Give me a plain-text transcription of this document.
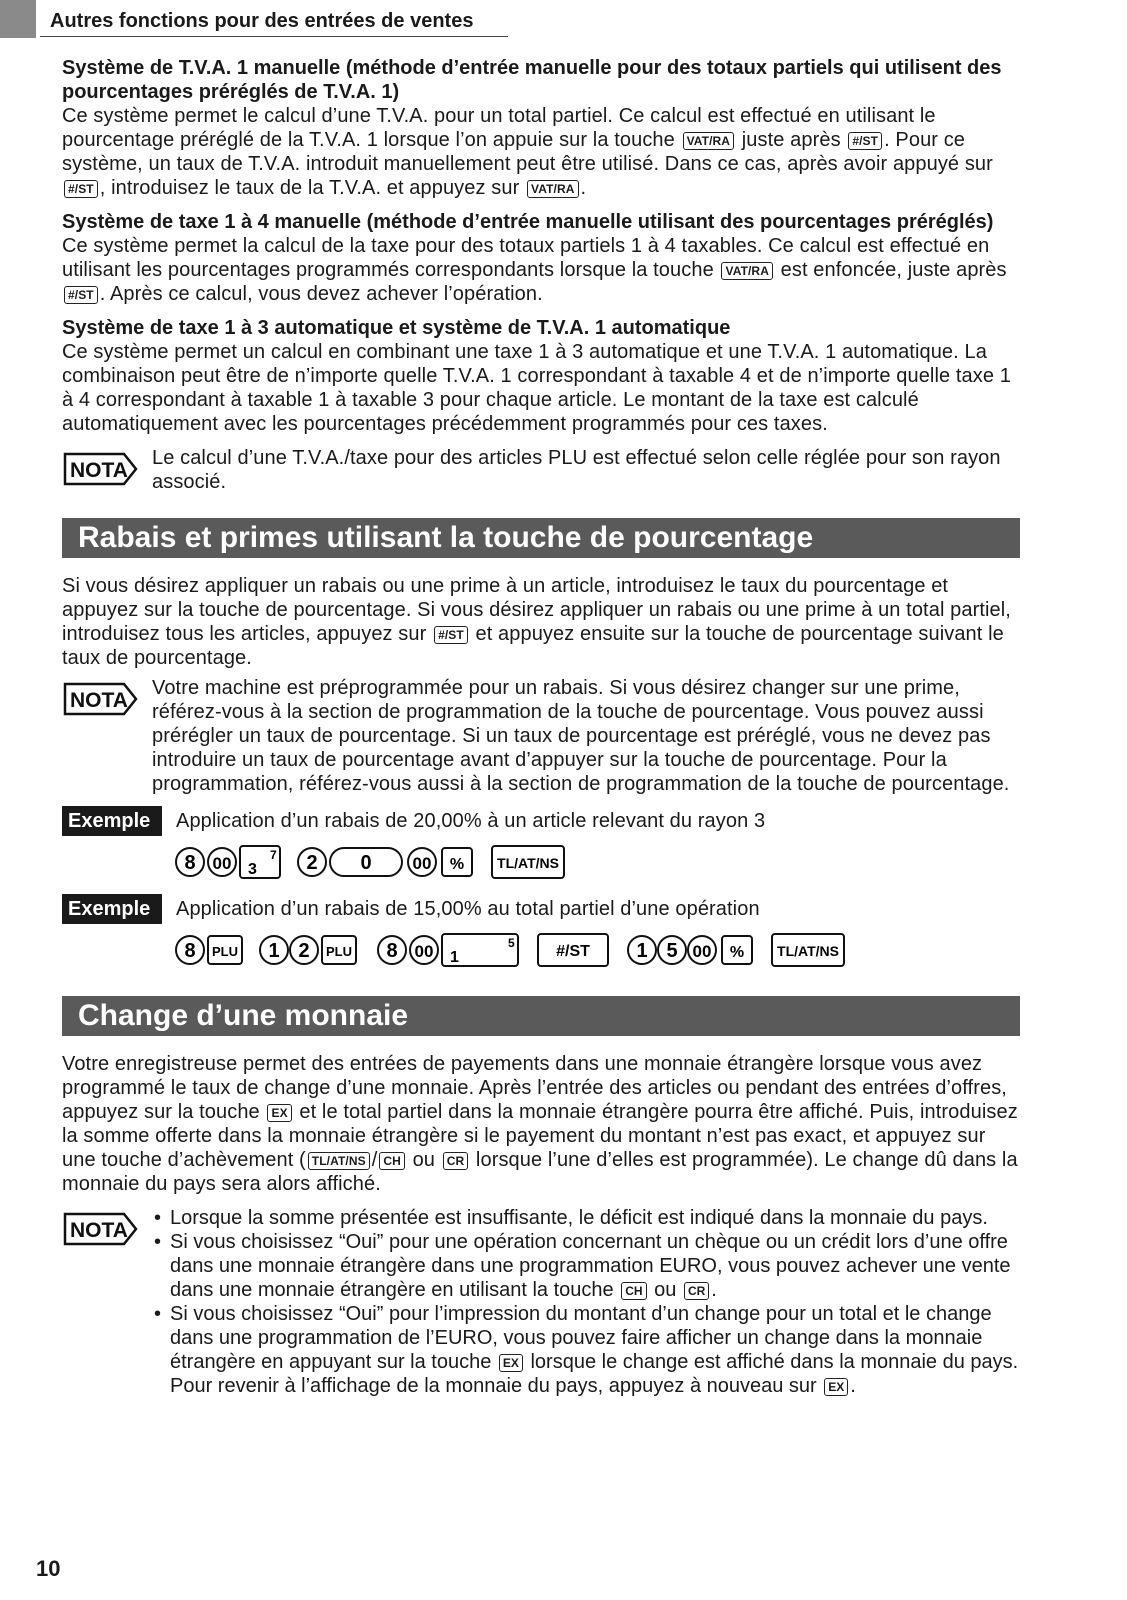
Autres fonctions pour des entrées de ventes

Système de T.V.A. 1 manuelle (méthode d’entrée manuelle pour des totaux partiels qui utilisent des pourcentages préréglés de T.V.A. 1)

Ce système permet le calcul d’une T.V.A. pour un total partiel. Ce calcul est effectué en utilisant le pourcentage préréglé de la T.V.A. 1 lorsque l’on appuie sur la touche VAT/RA juste après #/ST . Pour ce système, un taux de T.V.A. introduit manuellement peut être utilisé. Dans ce cas, après avoir appuyé sur #/ST , introduisez le taux de la T.V.A. et appuyez sur VAT/RA .

Système de taxe 1 à 4 manuelle (méthode d’entrée manuelle utilisant des pourcentages préréglés)

Ce système permet la calcul de la taxe pour des totaux partiels 1 à 4 taxables. Ce calcul est effectué en utilisant les pourcentages programmés correspondants lorsque la touche VAT/RA est enfoncée, juste après #/ST . Après ce calcul, vous devez achever l’opération.

Système de taxe 1 à 3 automatique et système de T.V.A. 1 automatique

Ce système permet un calcul en combinant une taxe 1 à 3 automatique et une T.V.A. 1 automatique. La combinaison peut être de n’importe quelle T.V.A. 1 correspondant à taxable 4 et de n’importe quelle taxe 1 à 4 correspondant à taxable 1 à taxable 3 pour chaque article. Le montant de la taxe est calculé automatiquement avec les pourcentages précédemment programmés pour ces taxes.

NOTA

Le calcul d’une T.V.A./taxe pour des articles PLU est effectué selon celle réglée pour son rayon associé.

Rabais et primes utilisant la touche de pourcentage

Si vous désirez appliquer un rabais ou une prime à un article, introduisez le taux du pourcentage et appuyez sur la touche de pourcentage. Si vous désirez appliquer un rabais ou une prime à un total partiel, introduisez tous les articles, appuyez sur #/ST et appuyez ensuite sur la touche de pourcentage suivant le taux de pourcentage.

NOTA

Votre machine est préprogrammée pour un rabais. Si vous désirez changer sur une prime, référez-vous à la section de programmation de la touche de pourcentage. Vous pouvez aussi prérégler un taux de pourcentage. Si un taux de pourcentage est préréglé, vous ne devez pas introduire un taux de pourcentage avant d’appuyer sur la touche de pourcentage. Pour la programmation, référez-vous aussi à la section de programmation de la touche de pourcentage.

Exemple	Application d’un rabais de 20,00% à un article relevant du rayon 3

8 00 3
7 2 0 00 % TL/AT/NS
Exemple	Application d’un rabais de 15,00% au total partiel d’une opération

8 PLU 1 2 PLU 8 00 1
5	#/ST 1 5 00 % TL/AT/NS
Change d’une monnaie

Votre enregistreuse permet des entrées de payements dans une monnaie étrangère lorsque vous avez programmé le taux de change d’une monnaie. Après l’entrée des articles ou pendant des entrées d’offres, appuyez sur la touche EX et le total partiel dans la monnaie étrangère pourra être affiché. Puis, introduisez la somme offerte dans la monnaie étrangère si le payement du montant n’est pas exact, et appuyez sur une touche d’achèvement ( TL/AT/NS / CH ou CR lorsque l’une d’elles est programmée). Le change dû dans la monnaie du pays sera alors affiché.

NOTA
• Lorsque la somme présentée est insuffisante, le déficit est indiqué dans la monnaie du pays.
• Si vous choisissez “Oui” pour une opération concernant un chèque ou un crédit lors d’une offre dans une monnaie étrangère dans une programmation EURO, vous pouvez achever une vente dans une monnaie étrangère en utilisant la touche CH ou CR .
• Si vous choisissez “Oui” pour l’impression du montant d’un change pour un total et le change dans une programmation de l’EURO, vous pouvez faire afficher un change dans la monnaie étrangère en appuyant sur la touche EX lorsque le change est affiché dans la monnaie du pays. Pour revenir à l’affichage de la monnaie du pays, appuyez à nouveau sur EX .
10
